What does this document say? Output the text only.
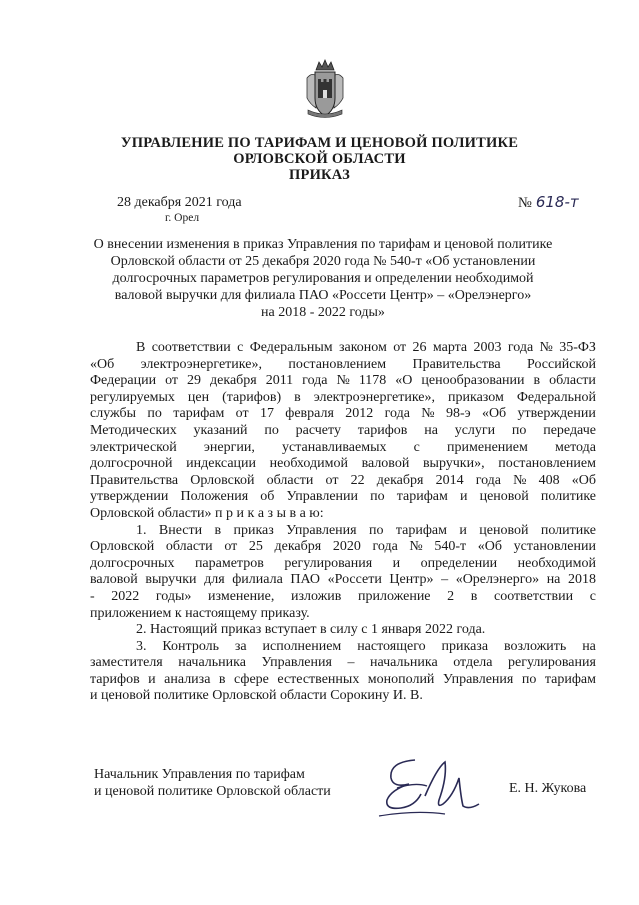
УПРАВЛЕНИЕ ПО ТАРИФАМ И ЦЕНОВОЙ ПОЛИТИКЕ
ОРЛОВСКОЙ ОБЛАСТИ
ПРИКАЗ
28 декабря 2021 года
г. Орел
№ 618-т
О внесении изменения в приказ Управления по тарифам и ценовой политике
Орловской области от 25 декабря 2020 года № 540-т «Об установлении
долгосрочных параметров регулирования и определении необходимой
валовой выручки для филиала ПАО «Россети Центр» – «Орелэнерго»
на 2018 - 2022 годы»
В соответствии с Федеральным законом от 26 марта 2003 года № 35-ФЗ
«Об электроэнергетике», постановлением Правительства Российской
Федерации от 29 декабря 2011 года № 1178 «О ценообразовании в области
регулируемых цен (тарифов) в электроэнергетике», приказом Федеральной
службы по тарифам от 17 февраля 2012 года № 98-э «Об утверждении
Методических указаний по расчету тарифов на услуги по передаче
электрической энергии, устанавливаемых с применением метода
долгосрочной индексации необходимой валовой выручки», постановлением
Правительства Орловской области от 22 декабря 2014 года № 408 «Об
утверждении Положения об Управлении по тарифам и ценовой политике
Орловской области» п р и к а з ы в а ю:
1. Внести в приказ Управления по тарифам и ценовой политике
Орловской области от 25 декабря 2020 года № 540-т «Об установлении
долгосрочных параметров регулирования и определении необходимой
валовой выручки для филиала ПАО «Россети Центр» – «Орелэнерго» на 2018
- 2022 годы» изменение, изложив приложение 2 в соответствии с
приложением к настоящему приказу.
2. Настоящий приказ вступает в силу с 1 января 2022 года.
3. Контроль за исполнением настоящего приказа возложить на
заместителя начальника Управления – начальника отдела регулирования
тарифов и анализа в сфере естественных монополий Управления по тарифам
и ценовой политике Орловской области Сорокину И. В.
Начальник Управления по тарифам
и ценовой политике Орловской области	Е. Н. Жукова
